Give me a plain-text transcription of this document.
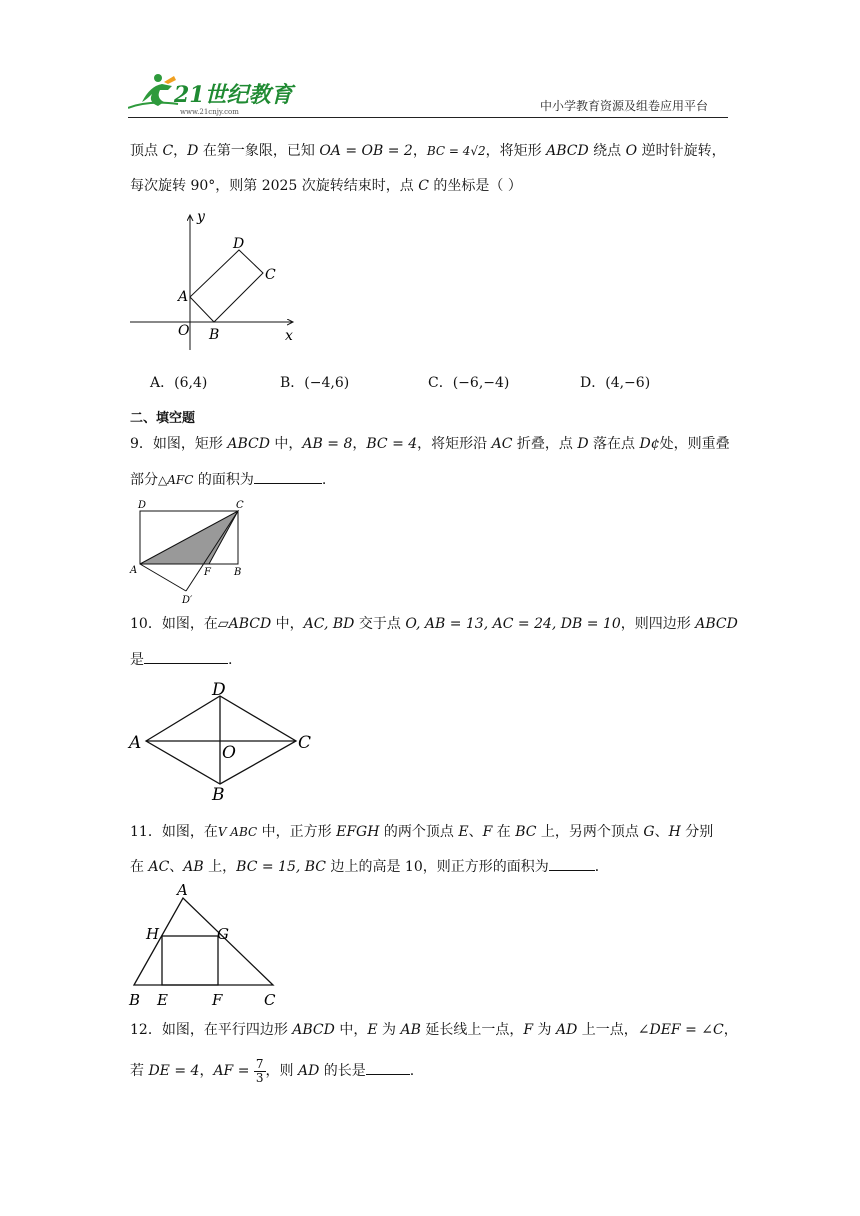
21世纪教育
www.21cnjy.com	中小学教育资源及组卷应用平台
顶点 C，D 在第一象限，已知 OA = OB = 2，BC = 4√2，将矩形 ABCD 绕点 O 逆时针旋转，
每次旋转 90°，则第 2025 次旋转结束时，点 C 的坐标是（ ）
y
x
O
A
B
C
D
A．(6,4)	B．(−4,6)	C．(−6,−4)	D．(4,−6)
二、填空题
9．如图，矩形 ABCD 中，AB = 8，BC = 4，将矩形沿 AC 折叠，点 D 落在点 D¢处，则重叠
部分△AFC 的面积为	.
D	C
A	F B
D′
10．如图，在▱ABCD 中，AC, BD 交于点 O, AB = 13, AC = 24, DB = 10，则四边形 ABCD
是	.
A
D
C
B
O
11．如图，在V ABC 中，正方形 EFGH 的两个顶点 E、F 在 BC 上，另两个顶点 G、H 分别
在 AC、AB 上，BC = 15, BC 边上的高是 10，则正方形的面积为	．
A
H	G
B E	F	C
12．如图，在平行四边形 ABCD 中，E 为 AB 延长线上一点，F 为 AD 上一点，∠DEF = ∠C，
若 DE = 4，AF = $\frac{7}{3}$ ，则 AD 的长是	.
